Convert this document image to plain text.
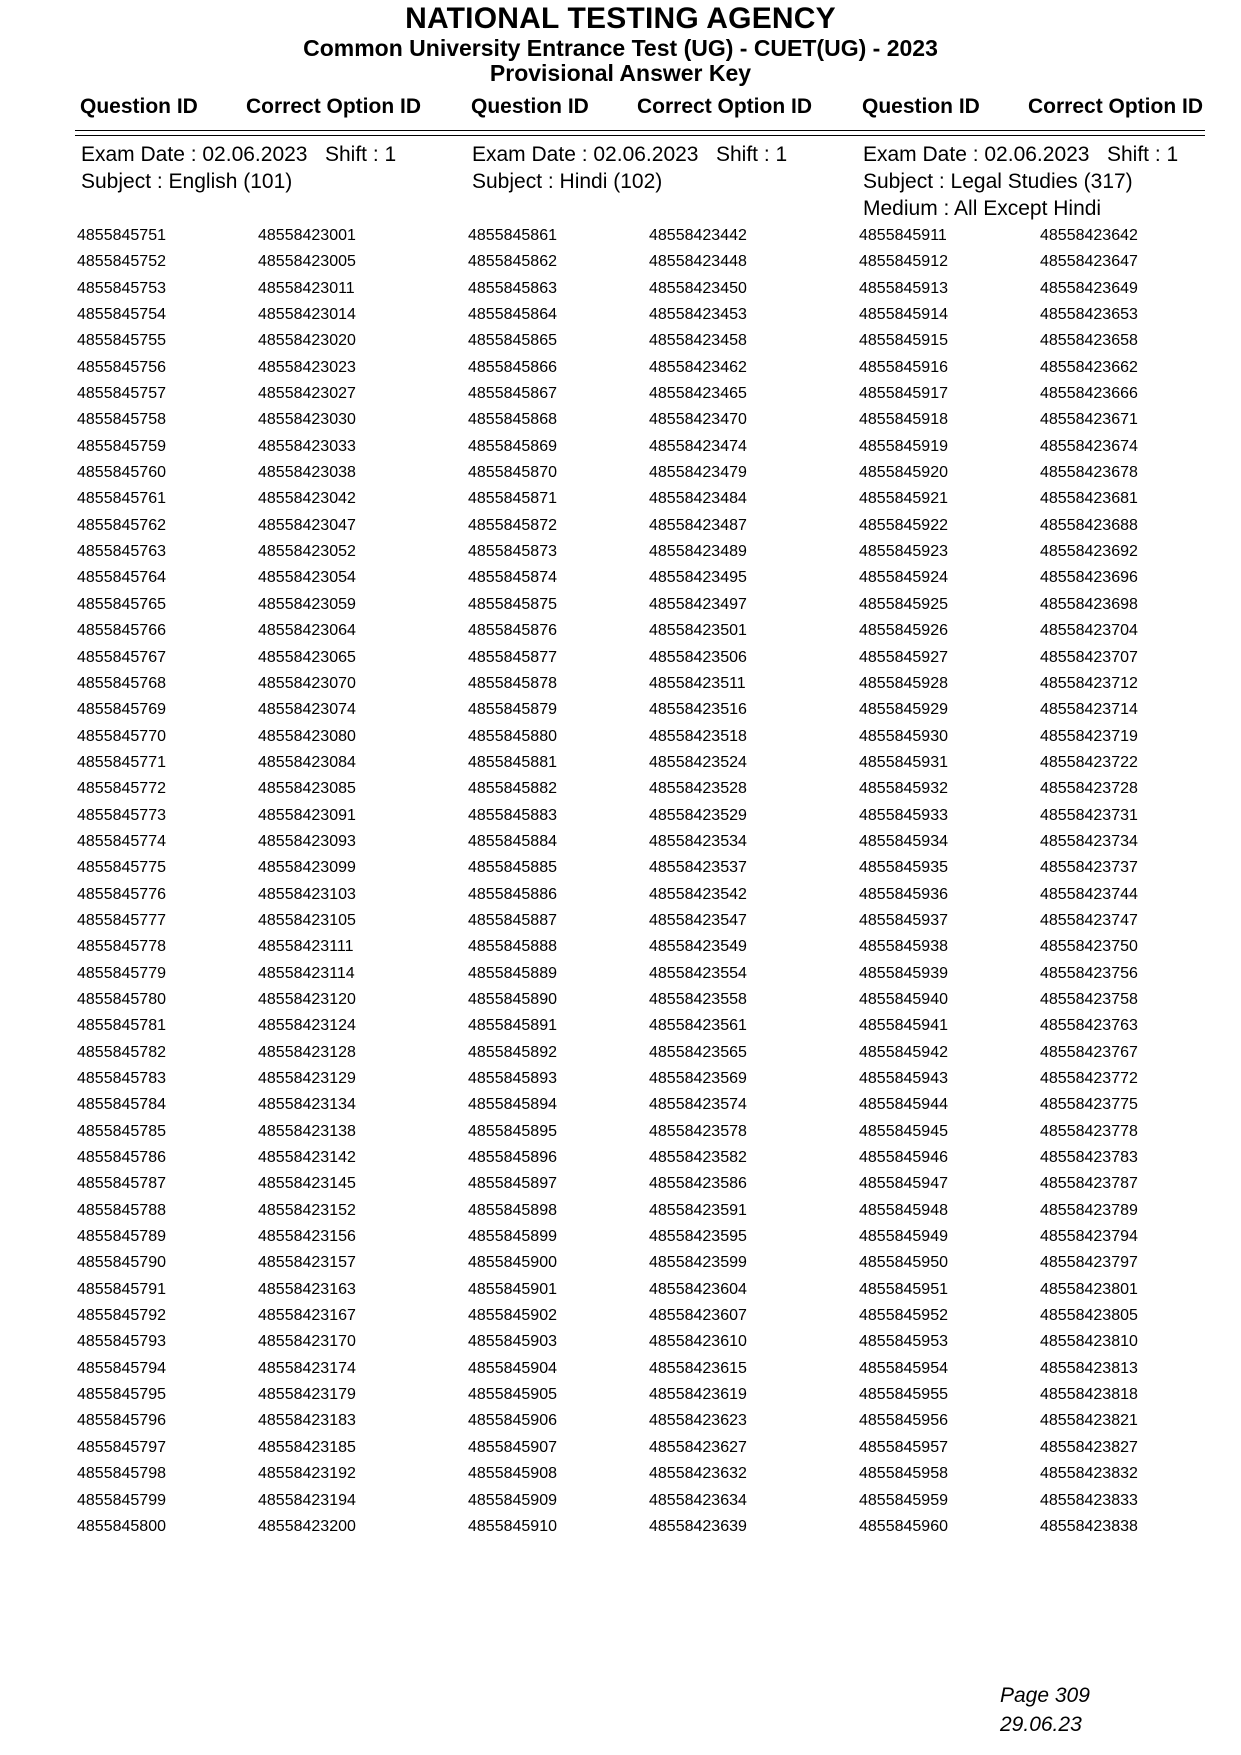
NATIONAL TESTING AGENCY
Common University Entrance Test (UG) - CUET(UG) - 2023
Provisional Answer Key
Question ID Correct Option ID Question ID Correct Option ID Question ID Correct Option ID
Exam Date : 02.06.2023 Shift : 1
Subject : English (101)
Exam Date : 02.06.2023 Shift : 1
Subject : Hindi (102)
Exam Date : 02.06.2023 Shift : 1
Subject : Legal Studies (317)
Medium : All Except Hindi
4855845751	48558423001	4855845861	48558423442	4855845911	48558423642
4855845752	48558423005	4855845862	48558423448	4855845912	48558423647
4855845753	48558423011	4855845863	48558423450	4855845913	48558423649
4855845754	48558423014	4855845864	48558423453	4855845914	48558423653
4855845755	48558423020	4855845865	48558423458	4855845915	48558423658
4855845756	48558423023	4855845866	48558423462	4855845916	48558423662
4855845757	48558423027	4855845867	48558423465	4855845917	48558423666
4855845758	48558423030	4855845868	48558423470	4855845918	48558423671
4855845759	48558423033	4855845869	48558423474	4855845919	48558423674
4855845760	48558423038	4855845870	48558423479	4855845920	48558423678
4855845761	48558423042	4855845871	48558423484	4855845921	48558423681
4855845762	48558423047	4855845872	48558423487	4855845922	48558423688
4855845763	48558423052	4855845873	48558423489	4855845923	48558423692
4855845764	48558423054	4855845874	48558423495	4855845924	48558423696
4855845765	48558423059	4855845875	48558423497	4855845925	48558423698
4855845766	48558423064	4855845876	48558423501	4855845926	48558423704
4855845767	48558423065	4855845877	48558423506	4855845927	48558423707
4855845768	48558423070	4855845878	48558423511	4855845928	48558423712
4855845769	48558423074	4855845879	48558423516	4855845929	48558423714
4855845770	48558423080	4855845880	48558423518	4855845930	48558423719
4855845771	48558423084	4855845881	48558423524	4855845931	48558423722
4855845772	48558423085	4855845882	48558423528	4855845932	48558423728
4855845773	48558423091	4855845883	48558423529	4855845933	48558423731
4855845774	48558423093	4855845884	48558423534	4855845934	48558423734
4855845775	48558423099	4855845885	48558423537	4855845935	48558423737
4855845776	48558423103	4855845886	48558423542	4855845936	48558423744
4855845777	48558423105	4855845887	48558423547	4855845937	48558423747
4855845778	48558423111	4855845888	48558423549	4855845938	48558423750
4855845779	48558423114	4855845889	48558423554	4855845939	48558423756
4855845780	48558423120	4855845890	48558423558	4855845940	48558423758
4855845781	48558423124	4855845891	48558423561	4855845941	48558423763
4855845782	48558423128	4855845892	48558423565	4855845942	48558423767
4855845783	48558423129	4855845893	48558423569	4855845943	48558423772
4855845784	48558423134	4855845894	48558423574	4855845944	48558423775
4855845785	48558423138	4855845895	48558423578	4855845945	48558423778
4855845786	48558423142	4855845896	48558423582	4855845946	48558423783
4855845787	48558423145	4855845897	48558423586	4855845947	48558423787
4855845788	48558423152	4855845898	48558423591	4855845948	48558423789
4855845789	48558423156	4855845899	48558423595	4855845949	48558423794
4855845790	48558423157	4855845900	48558423599	4855845950	48558423797
4855845791	48558423163	4855845901	48558423604	4855845951	48558423801
4855845792	48558423167	4855845902	48558423607	4855845952	48558423805
4855845793	48558423170	4855845903	48558423610	4855845953	48558423810
4855845794	48558423174	4855845904	48558423615	4855845954	48558423813
4855845795	48558423179	4855845905	48558423619	4855845955	48558423818
4855845796	48558423183	4855845906	48558423623	4855845956	48558423821
4855845797	48558423185	4855845907	48558423627	4855845957	48558423827
4855845798	48558423192	4855845908	48558423632	4855845958	48558423832
4855845799	48558423194	4855845909	48558423634	4855845959	48558423833
4855845800	48558423200	4855845910	48558423639	4855845960	48558423838
Page 309
29.06.23
